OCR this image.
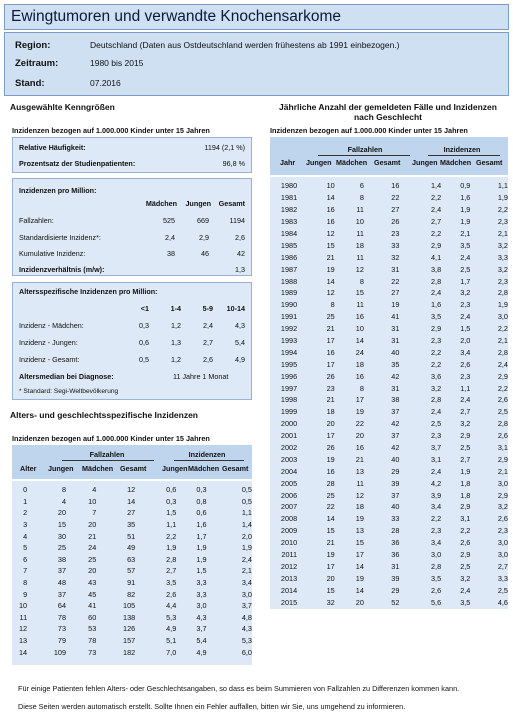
Ewingtumoren und verwandte Knochensarkome
Region:	Deutschland (Daten aus Ostdeutschland werden frühestens ab 1991 einbezogen.)
Zeitraum:	1980 bis 2015
Stand:	07.2016
Ausgewählte Kenngrößen
Inzidenzen bezogen auf 1.000.000 Kinder unter 15 Jahren
Relative Häufigkeit:	1194 (2,1 %)
Prozentsatz der Studienpatienten:	96,8 %
Inzidenzen pro Million:
Mädchen	Jungen	Gesamt
Fallzahlen:	525	669	1194
Standardisierte Inzidenz*:	2,4	2,9	2,6
Kumulative Inzidenz:	38	46	42
Inzidenzverhältnis (m/w):	1,3
Altersspezifische Inzidenzen pro Million:
<1	1-4	5-9	10-14
Inzidenz - Mädchen:	0,3	1,2	2,4	4,3
Inzidenz - Jungen:	0,6	1,3	2,7	5,4
Inzidenz - Gesamt:	0,5	1,2	2,6	4,9
Altersmedian bei Diagnose:	11 Jahre 1 Monat
* Standard: Segi-Weltbevölkerung
Alters- und geschlechtsspezifische Inzidenzen
Inzidenzen bezogen auf 1.000.000 Kinder unter 15 Jahren
Fallzahlen	Inzidenzen
Alter Jungen Mädchen Gesamt Jungen Mädchen Gesamt
0	8	4	12	0,6	0,3	0,5
1	4	10	14	0,3	0,8	0,5
2	20	7	27	1,5	0,6	1,1
3	15	20	35	1,1	1,6	1,4
4	30	21	51	2,2	1,7	2,0
5	25	24	49	1,9	1,9	1,9
6	38	25	63	2,8	1,9	2,4
7	37	20	57	2,7	1,5	2,1
8	48	43	91	3,5	3,3	3,4
9	37	45	82	2,6	3,3	3,0
10	64	41	105	4,4	3,0	3,7
11	78	60	138	5,3	4,3	4,8
12	73	53	126	4,9	3,7	4,3
13	79	78	157	5,1	5,4	5,3
14	109	73	182	7,0	4,9	6,0
Jährliche Anzahl der gemeldeten Fälle und Inzidenzen nach Geschlecht
Inzidenzen bezogen auf 1.000.000 Kinder unter 15 Jahren
Fallzahlen	Inzidenzen
Jahr Jungen Mädchen Gesamt Jungen Mädchen Gesamt
1980	10	6	16	1,4	0,9	1,1
1981	14	8	22	2,2	1,6	1,9
1982	16	11	27	2,4	1,9	2,2
1983	16	10	26	2,7	1,9	2,3
1984	12	11	23	2,2	2,1	2,1
1985	15	18	33	2,9	3,5	3,2
1986	21	11	32	4,1	2,4	3,3
1987	19	12	31	3,8	2,5	3,2
1988	14	8	22	2,8	1,7	2,3
1989	12	15	27	2,4	3,2	2,8
1990	8	11	19	1,6	2,3	1,9
1991	25	16	41	3,5	2,4	3,0
1992	21	10	31	2,9	1,5	2,2
1993	17	14	31	2,3	2,0	2,1
1994	16	24	40	2,2	3,4	2,8
1995	17	18	35	2,2	2,6	2,4
1996	26	16	42	3,6	2,3	2,9
1997	23	8	31	3,2	1,1	2,2
1998	21	17	38	2,8	2,4	2,6
1999	18	19	37	2,4	2,7	2,5
2000	20	22	42	2,5	3,2	2,8
2001	17	20	37	2,3	2,9	2,6
2002	26	16	42	3,7	2,5	3,1
2003	19	21	40	3,1	2,7	2,9
2004	16	13	29	2,4	1,9	2,1
2005	28	11	39	4,2	1,8	3,0
2006	25	12	37	3,9	1,8	2,9
2007	22	18	40	3,4	2,9	3,2
2008	14	19	33	2,2	3,1	2,6
2009	15	13	28	2,3	2,2	2,3
2010	21	15	36	3,4	2,6	3,0
2011	19	17	36	3,0	2,9	3,0
2012	17	14	31	2,8	2,5	2,7
2013	20	19	39	3,5	3,2	3,3
2014	15	14	29	2,6	2,4	2,5
2015	32	20	52	5,6	3,5	4,6
Für einige Patienten fehlen Alters- oder Geschlechtsangaben, so dass es beim Summieren von Fallzahlen zu Differenzen kommen kann.
Diese Seiten werden automatisch erstellt. Sollte Ihnen ein Fehler auffallen, bitten wir Sie, uns umgehend zu informieren.
